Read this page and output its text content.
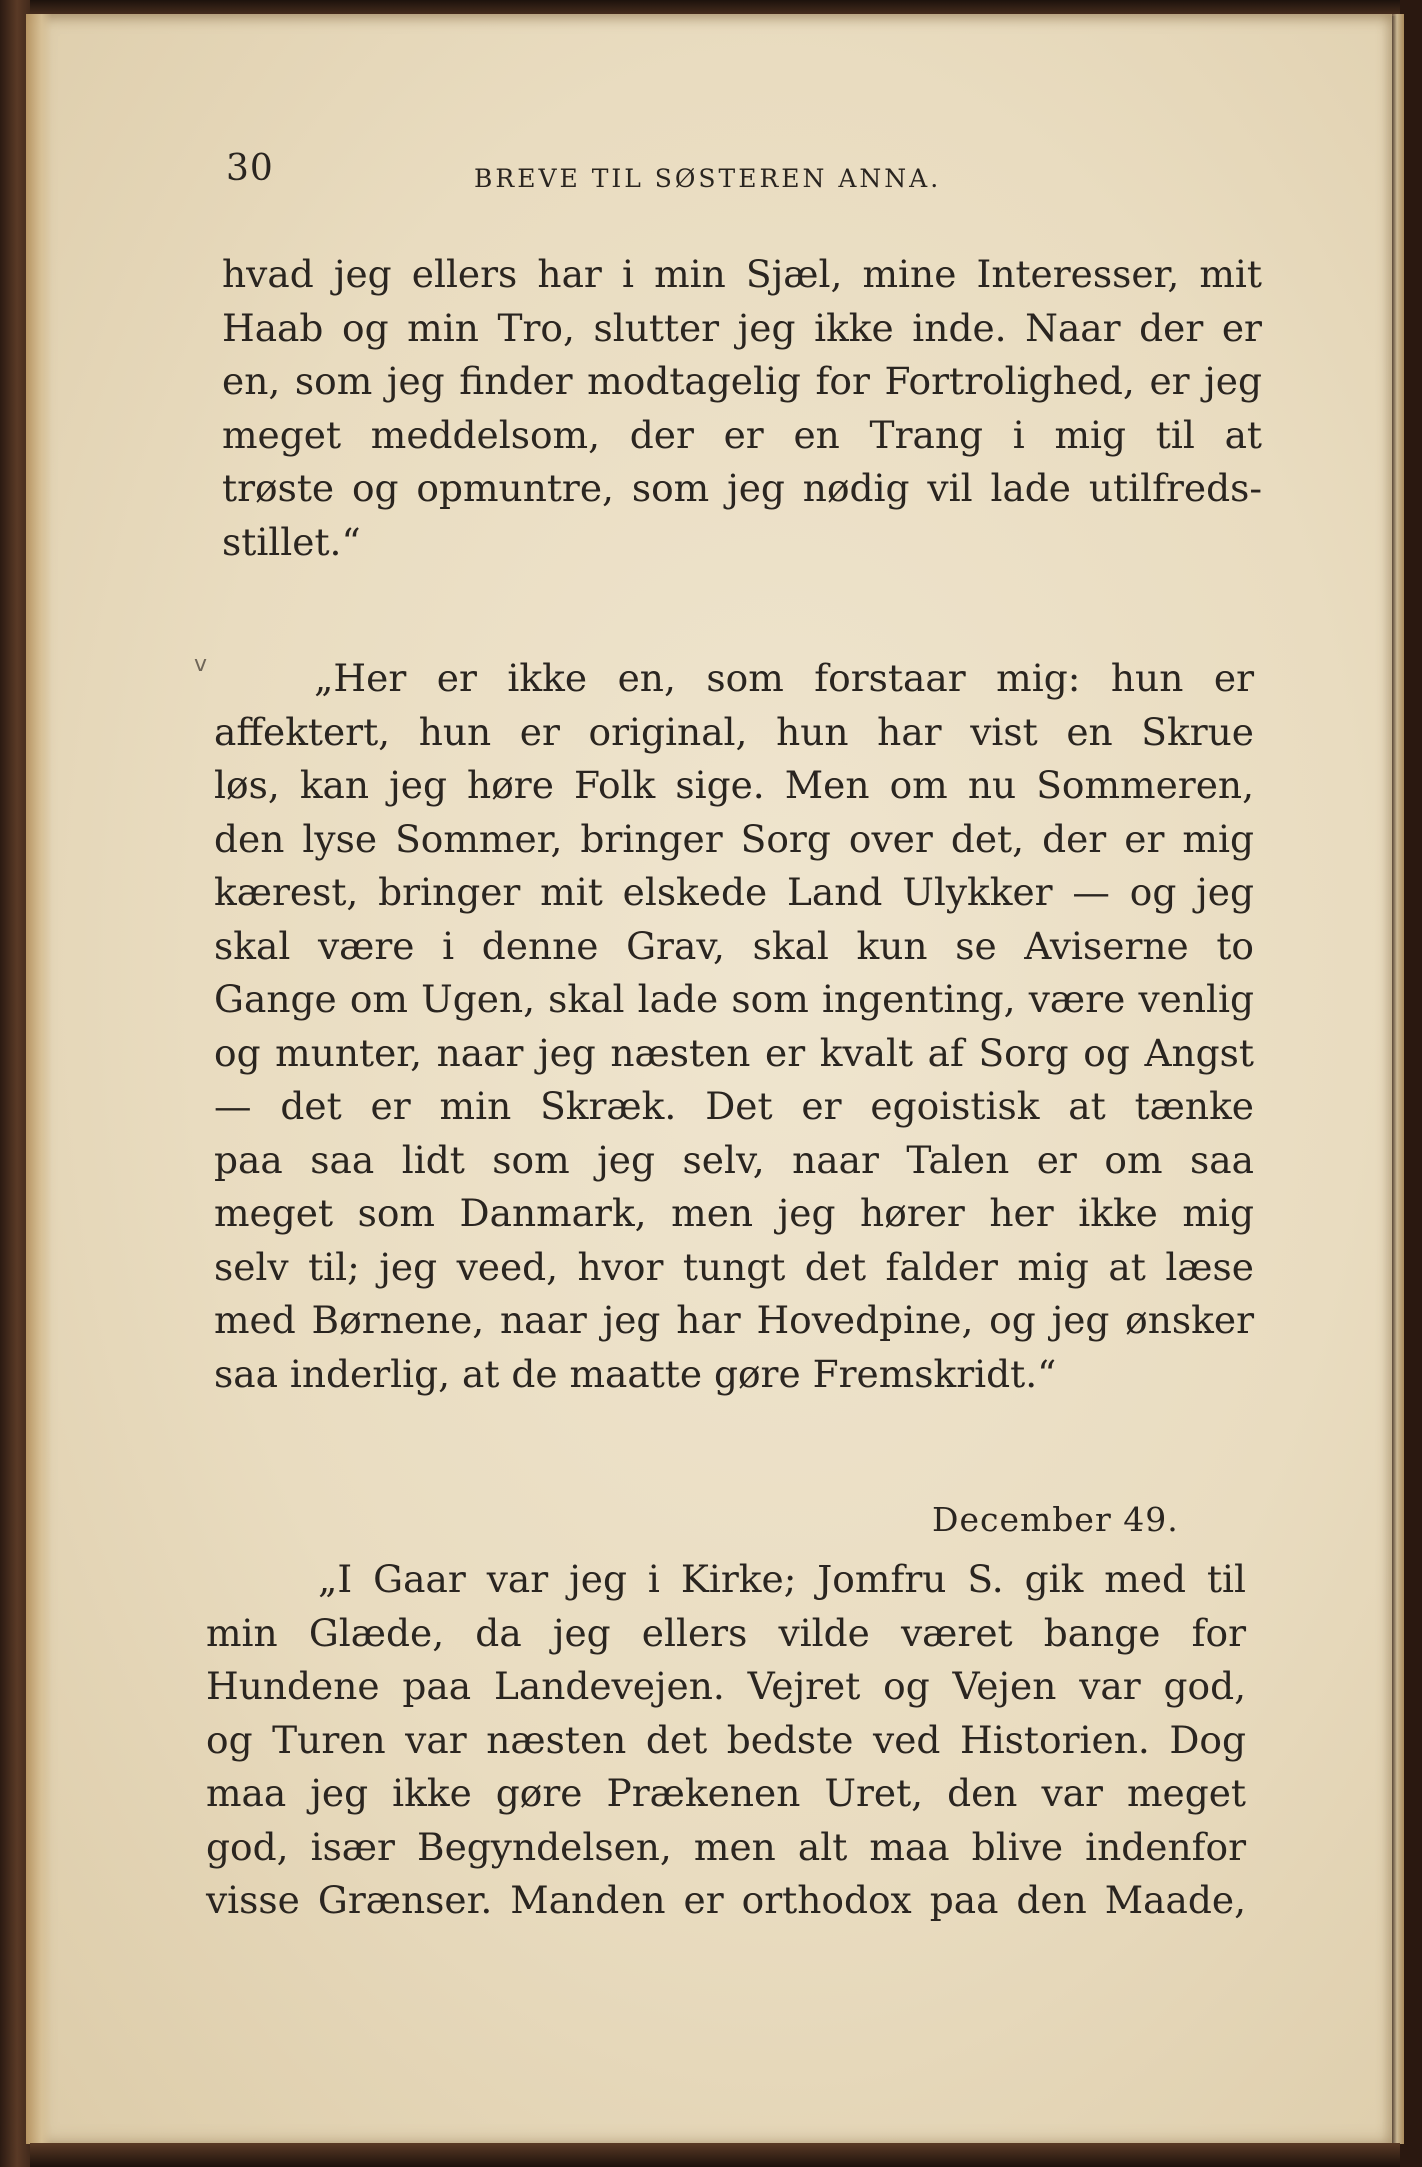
30	BREVE TIL SØSTEREN ANNA.
hvad jeg ellers har i min Sjæl, mine Interesser, mit
Haab og min Tro, slutter jeg ikke inde. Naar der er
en, som jeg finder modtagelig for Fortrolighed, er jeg
meget meddelsom, der er en Trang i mig til at
trøste og opmuntre, som jeg nødig vil lade utilfreds-
stillet.“
v	„Her er ikke en, som forstaar mig: hun er
affektert, hun er original, hun har vist en Skrue
løs, kan jeg høre Folk sige. Men om nu Sommeren,
den lyse Sommer, bringer Sorg over det, der er mig
kærest, bringer mit elskede Land Ulykker — og jeg
skal være i denne Grav, skal kun se Aviserne to
Gange om Ugen, skal lade som ingenting, være venlig
og munter, naar jeg næsten er kvalt af Sorg og Angst
— det er min Skræk. Det er egoistisk at tænke
paa saa lidt som jeg selv, naar Talen er om saa
meget som Danmark, men jeg hører her ikke mig
selv til; jeg veed, hvor tungt det falder mig at læse
med Børnene, naar jeg har Hovedpine, og jeg ønsker
saa inderlig, at de maatte gøre Fremskridt.“
December 49.
„I Gaar var jeg i Kirke; Jomfru S. gik med til
min Glæde, da jeg ellers vilde været bange for
Hundene paa Landevejen. Vejret og Vejen var god,
og Turen var næsten det bedste ved Historien. Dog
maa jeg ikke gøre Prækenen Uret, den var meget
god, især Begyndelsen, men alt maa blive indenfor
visse Grænser. Manden er orthodox paa den Maade,
